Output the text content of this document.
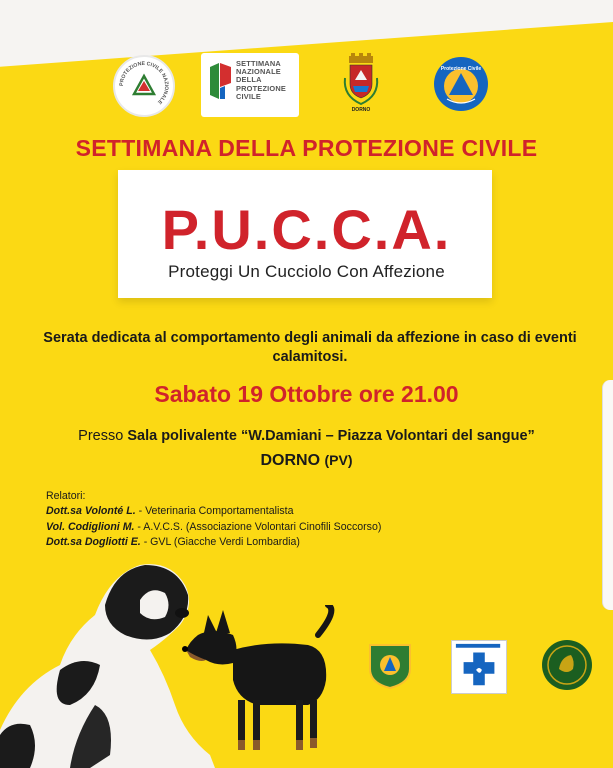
PROTEZIONE CIVILE NAZIONALE
SETTIMANA
NAZIONALE
DELLA
PROTEZIONE
CIVILE
DORNO
Protezione Civile
SETTIMANA DELLA PROTEZIONE CIVILE
P.U.C.C.A.
Proteggi Un Cucciolo Con Affezione
Serata dedicata al comportamento degli animali da affezione in caso di eventi calamitosi.
Sabato 19 Ottobre ore 21.00
Presso Sala polivalente “W.Damiani – Piazza Volontari del sangue”
DORNO (PV)
Relatori:
Dott.sa Volonté L. - Veterinaria Comportamentalista
Vol. Codiglioni M. - A.V.C.S. (Associazione Volontari Cinofili Soccorso)
Dott.sa Dogliotti E. - GVL (Giacche Verdi Lombardia)
